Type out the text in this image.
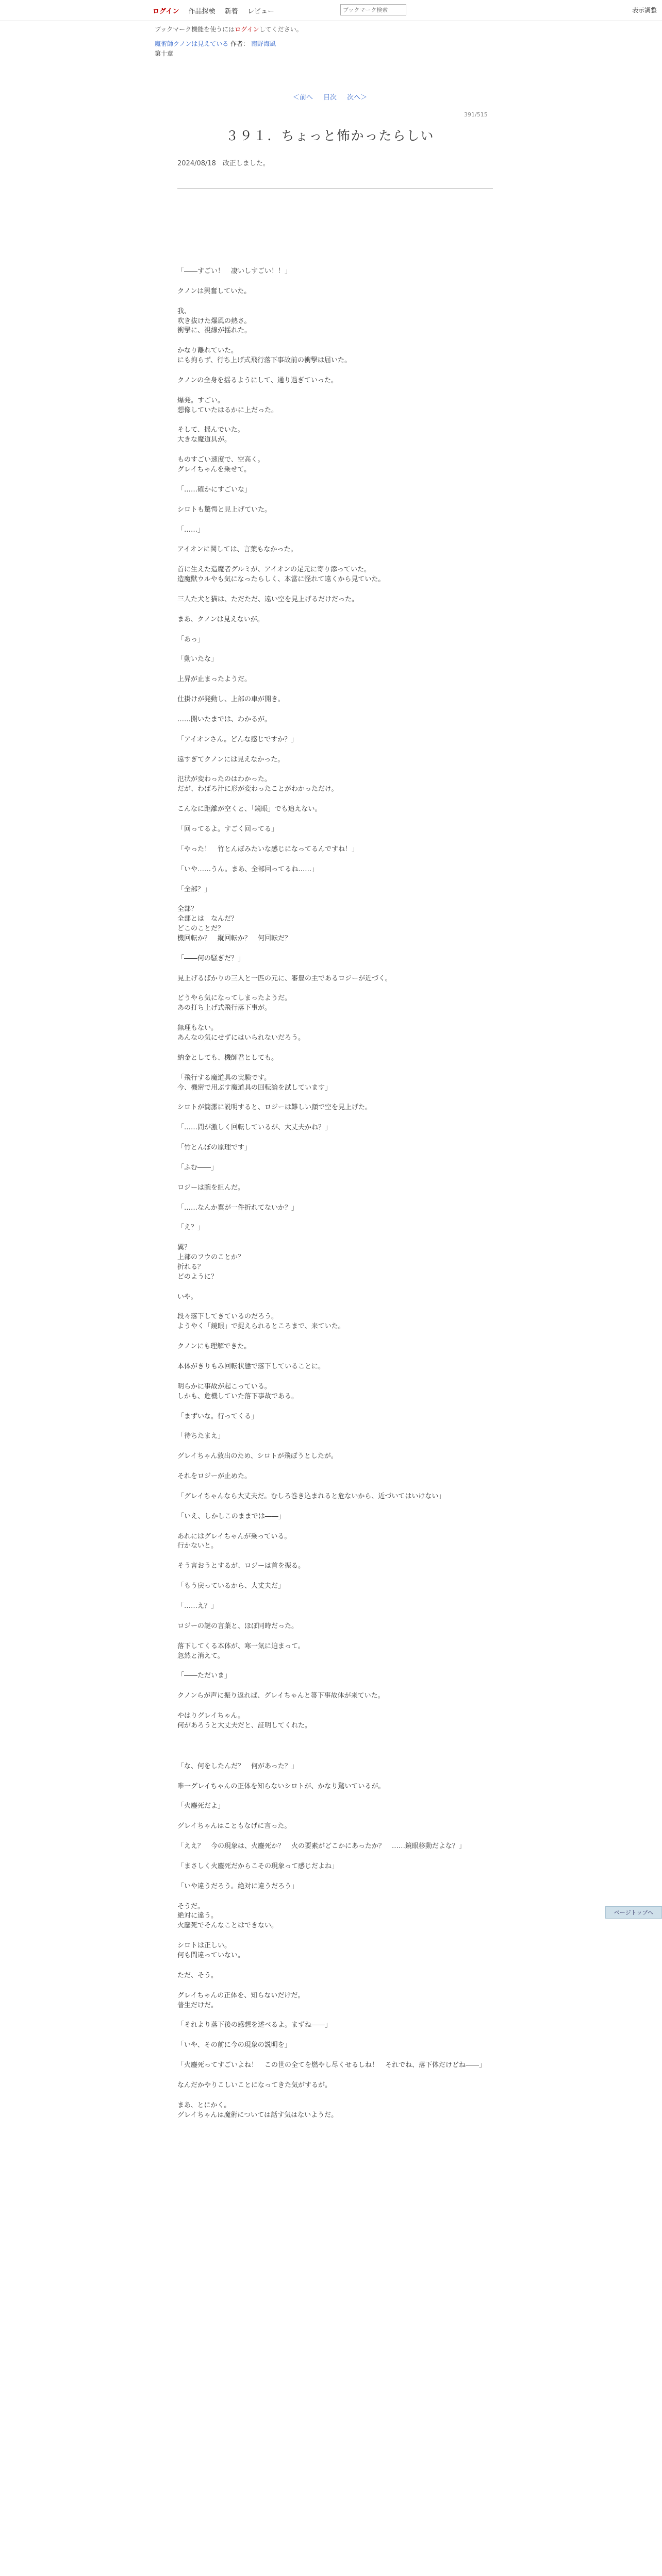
ログイン 作品探検 新着 レビュー
ブックマーク検索	表示調整
ブックマーク機能を使うにはログインしてください。
魔術師クノンは見えている 作者： 南野海風
第十章
＜前へ 目次 次へ＞
391/515
３９１．ちょっと怖かったらしい
2024/08/18　改正しました。

「――すごい！　凄いしすごい！！」

クノンは興奮していた。

我、

吹き抜けた爆風の熱さ。

衝撃に、視線が揺れた。

かなり離れていた。

にも拘らず、行ち上げ式飛行落下事故前の衝撃は届いた。

クノンの全身を揺るようにして、通り過ぎていった。

爆発。すごい。

想像していたはるかに上だった。

そして、揺んでいた。

大きな魔道具が。

ものすごい速度で、空高く。

グレイちゃんを乗せて。

「……確かにすごいな」

シロトも驚愕と見上げていた。

「……」

アイオンに関しては、言葉もなかった。

首に生えた造魔者グルミが、アイオンの足元に寄り添っていた。

造魔獣ウルやも気になったらしく、本當に怪れて遠くから見ていた。

三人た犬と猫は、ただただ、遠い空を見上げるだけだった。

まあ、クノンは見えないが。

「あっ」

「動いたな」

上昇が止まったようだ。

仕掛けが発動し、上部の車が開き。

……開いたまでは、わかるが。

「アイオンさん。どんな感じですか？」

遠すぎてクノンには見えなかった。

氾状が変わったのはわかった。

だが、わばろ汁に形が変わったことがわかっただけ。

こんなに距離が空くと、「鏡眼」でも追えない。

「回ってるよ。すごく回ってる」

「やった！　竹とんぼみたいな感じになってるんですね！」

「いや……うん。まあ、全部回ってるね……」

「全部？」

全部？

全部とは　なんだ？

どこのことだ？

機回転か？　縦回転か？　何回転だ？

「――何の騒ぎだ？」

見上げるばかりの三人と一匹の元に、審豊の主であるロジーが近づく。

どうやら気になってしまったようだ。

あの打ち上げ式飛行落下事が。

無理もない。

あんなの気にせずにはいられないだろう。

納金としても、機師君としても。

「飛行する魔道具の実験です。

今、機密で用ぶす魔道具の回転論を試しています」

シロトが簡潔に説明すると、ロジーは難しい顔で空を見上げた。

「……間が激しく回転しているが、大丈夫かね？」

「竹とんぼの原理です」

「ふむ――」

ロジーは腕を組んだ。

「……なんか翼が一件折れてないか？」

「え？」

翼？

上部のフウのことか？

折れる？

どのように？

いや。

段々落下してきているのだろう。

ようやく「鏡眼」で捉えられるところまで、来ていた。

クノンにも理解できた。

本体がきりもみ回転状態で落下していることに。

明らかに事故が起こっている。

しかも、危機していた落下事故である。

「まずいな。行ってくる」

「待ちたまえ」

グレイちゃん敦出のため、シロトが飛ぼうとしたが。

それをロジーが止めた。

「グレイちゃんなら大丈夫だ。むしろ巻き込まれると危ないから、近づいてはいけない」

「いえ、しかしこのままでは――」

あれにはグレイちゃんが乗っている。

行かないと。

そう言おうとするが、ロジーは首を振る。

「もう戻っているから、大丈夫だ」

「……え？」

ロジーの謎の言葉と、ほぼ同時だった。

落下してくる本体が、寒一気に迫まって。

忽然と消えて。

「――ただいま」

クノンらが声に振り返れば、グレイちゃんと箒下事故体が来ていた。

やはりグレイちゃん。

何があろうと大丈夫だと、証明してくれた。

「な、何をしたんだ？　何があった？」

唯一グレイちゃんの正体を知らないシロトが、かなり驚いているが。

「火鏖死だよ」

グレイちゃんはこともなげに言った。

「ええ？　今の現象は、火鏖死か？　火の要素がどこかにあったか？　……鏡眼移動だよな？」

「まさしく火鏖死だからこその現象って感じだよね」

「いや違うだろう。絶対に違うだろう」

そうだ。

絶対に違う。

火鏖死でそんなことはできない。

シロトは正しい。

何も間違っていない。

ただ、そう。

グレイちゃんの正体を、知らないだけだ。

普生だけだ。

「それより落下後の感想を述べるよ。まずね――」

「いや、その前に今の現象の説明を」

「火鏖死ってすごいよね！　この世の全てを燃やし尽くせるしね！　それでね、落下体だけどね――」

なんだかやりこしいことになってきた気がするが。

まあ、とにかく。

グレイちゃんは魔術については話す気はないようだ。

ページトップへ
